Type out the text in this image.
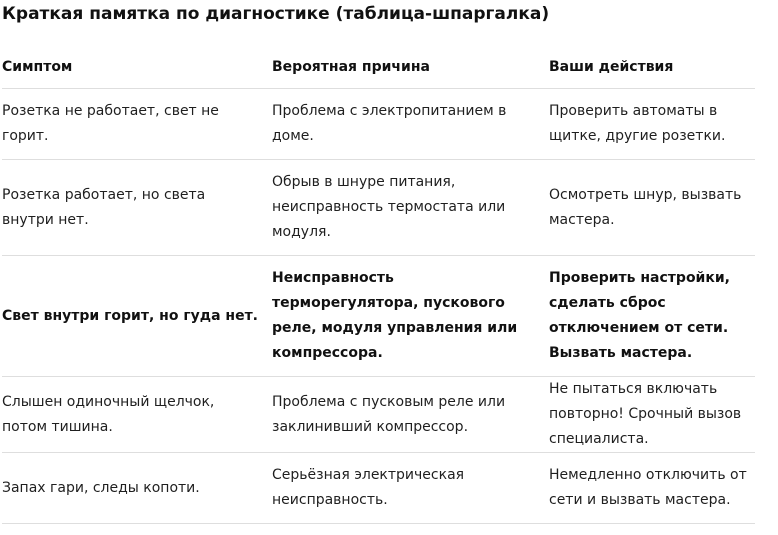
Краткая памятка по диагностике (таблица-шпаргалка)
Симптом	Вероятная причина	Ваши действия
Розетка не работает, свет не горит.	Проблема с электропитанием в доме.	Проверить автоматы в щитке, другие розетки.
Розетка работает, но света внутри нет.	Обрыв в шнуре питания, неисправность термостата или модуля.	Осмотреть шнур, вызвать мастера.
Свет внутри горит, но гуда нет.	Неисправность терморегулятора, пускового реле, модуля управления или компрессора.	Проверить настройки, сделать сброс отключением от сети. Вызвать мастера.
Слышен одиночный щелчок, потом тишина.	Проблема с пусковым реле или заклинивший компрессор.	Не пытаться включать повторно! Срочный вызов специалиста.
Запах гари, следы копоти.	Серьёзная электрическая неисправность.	Немедленно отключить от сети и вызвать мастера.
